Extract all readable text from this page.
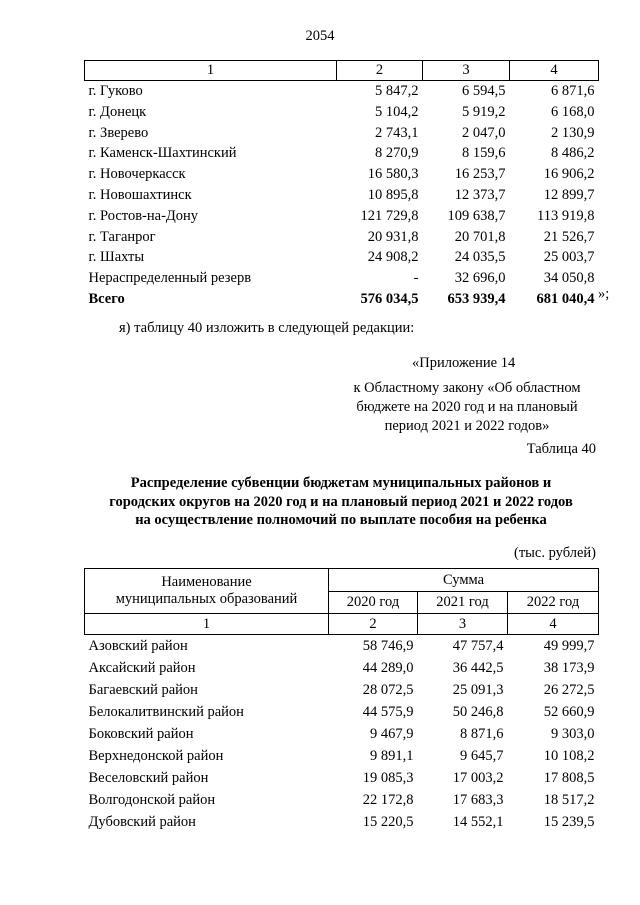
2054
1	2	3	4
г. Гуково	5 847,2	6 594,5	6 871,6
г. Донецк	5 104,2	5 919,2	6 168,0
г. Зверево	2 743,1	2 047,0	2 130,9
г. Каменск-Шахтинский	8 270,9	8 159,6	8 486,2
г. Новочеркасск	16 580,3	16 253,7	16 906,2
г. Новошахтинск	10 895,8	12 373,7	12 899,7
г. Ростов-на-Дону	121 729,8	109 638,7	113 919,8
г. Таганрог	20 931,8	20 701,8	21 526,7
г. Шахты	24 908,2	24 035,5	25 003,7
Нераспределенный резерв	-	32 696,0	34 050,8
Всего	576 034,5	653 939,4	681 040,4 »;
я) таблицу 40 изложить в следующей редакции:
«Приложение 14
к Областному закону «Об областном
бюджете на 2020 год и на плановый
период 2021 и 2022 годов»
Таблица 40
Распределение субвенции бюджетам муниципальных районов и
городских округов на 2020 год и на плановый период 2021 и 2022 годов
на осуществление полномочий по выплате пособия на ребенка
(тыс. рублей)
Наименование
муниципальных образований	Сумма		
	2020 год	2021 год	2022 год
1	2	3	4
Азовский район	58 746,9	47 757,4	49 999,7
Аксайский район	44 289,0	36 442,5	38 173,9
Багаевский район	28 072,5	25 091,3	26 272,5
Белокалитвинский район	44 575,9	50 246,8	52 660,9
Боковский район	9 467,9	8 871,6	9 303,0
Верхнедонской район	9 891,1	9 645,7	10 108,2
Веселовский район	19 085,3	17 003,2	17 808,5
Волгодонской район	22 172,8	17 683,3	18 517,2
Дубовский район	15 220,5	14 552,1	15 239,5
